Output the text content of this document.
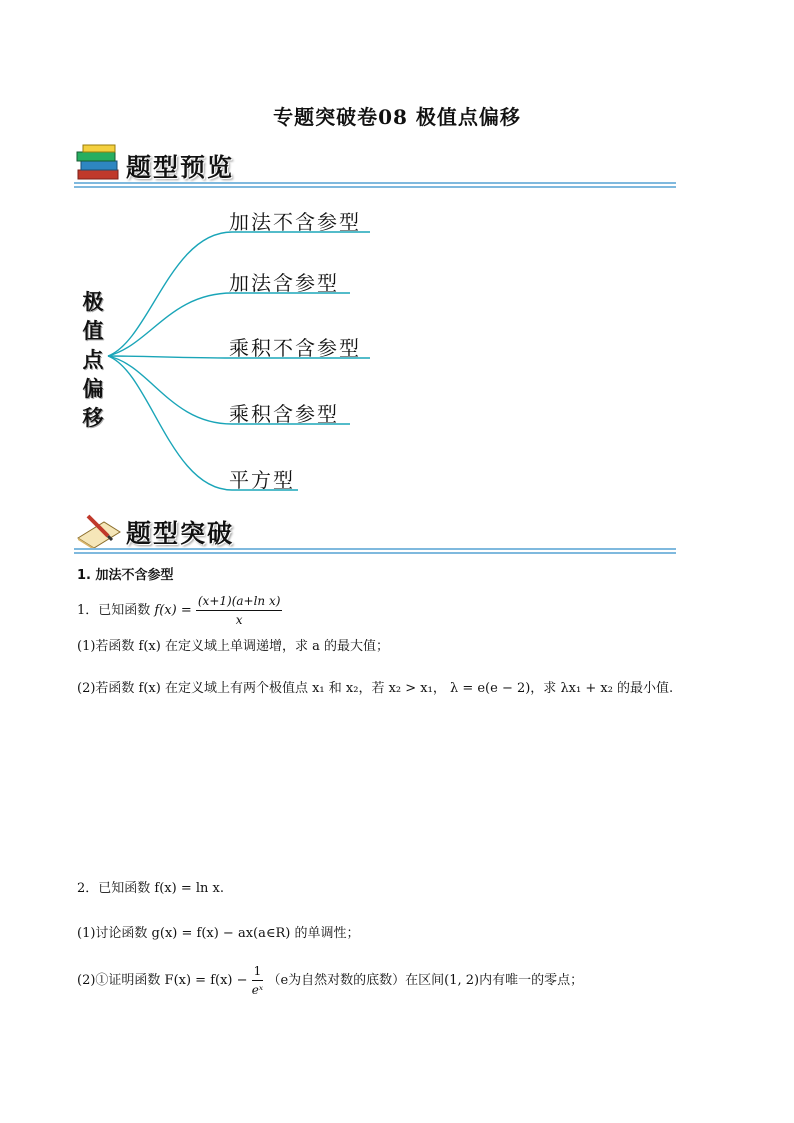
专题突破卷08 极值点偏移
题型预览
极
值
点
偏
移
加法不含参型
加法含参型
乘积不含参型
乘积含参型
平方型
题型突破
1. 加法不含参型
1．已知函数 $f(x) = \frac{\text{(x+1)(a+ln x)}}{x}$
(1)若函数 f(x) 在定义域上单调递增，求 a 的最大值；
(2)若函数 f(x) 在定义域上有两个极值点 x₁ 和 x₂，若 x₂ > x₁， λ = e(e − 2)，求 λx₁ + x₂ 的最小值.
2．已知函数 f(x) = ln x.
(1)讨论函数 g(x) = f(x) − ax(a∈R) 的单调性；
(2)①证明函数 $F(x) = f(x) - \frac{1}{\text{eˣ}} (e$为自然对数的底数）在区间(1, 2)内有唯一的零点；
